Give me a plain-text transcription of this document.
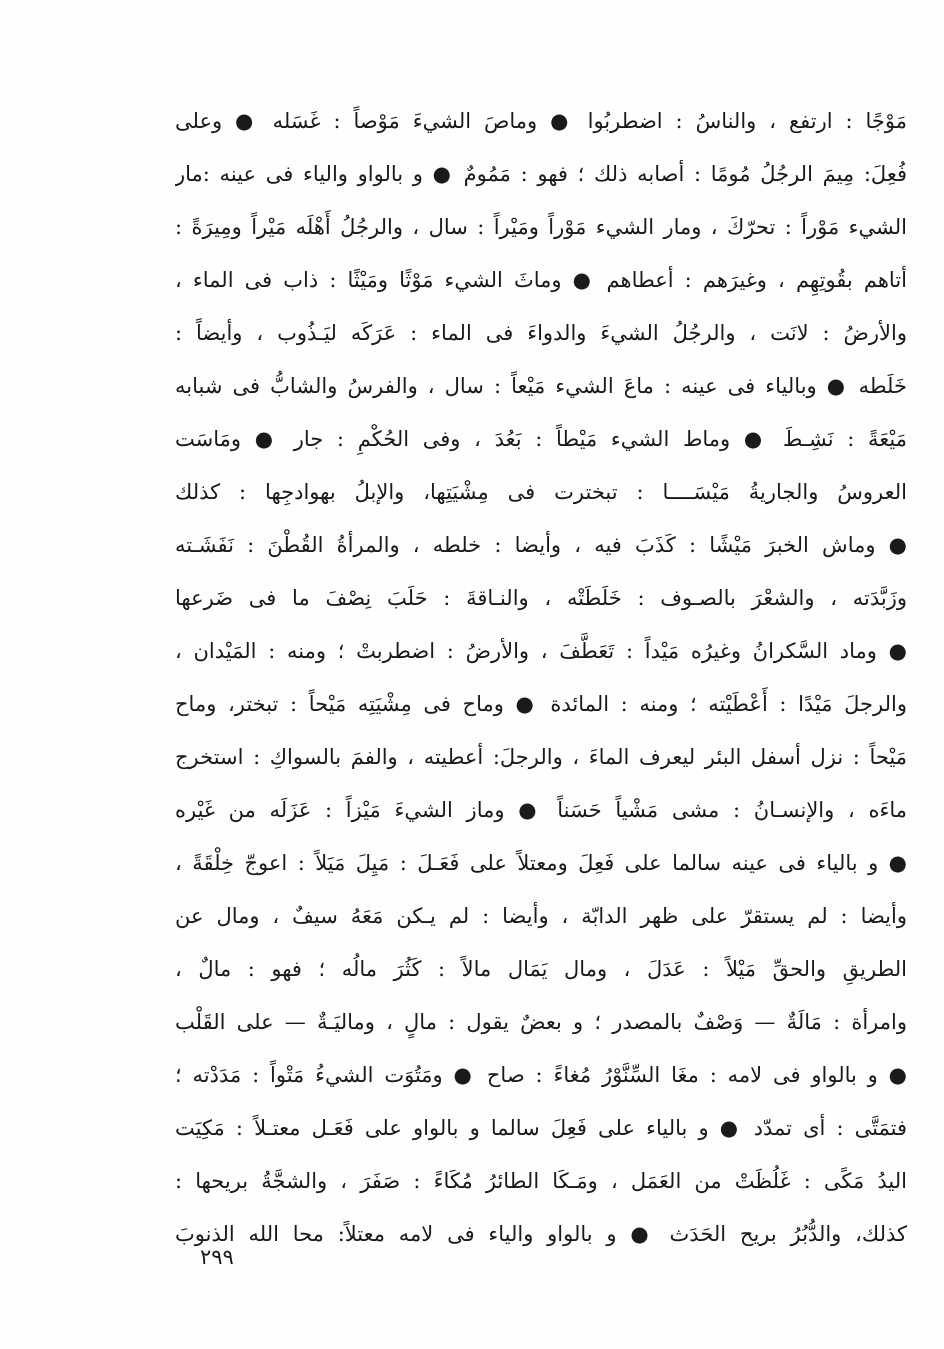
مَوْجًا : ارتفع ، والناسُ : اضطربُوا ● وماصَ الشيءَ مَوْصاً : غَسَله ● وعلى
فُعِلَ: مِيمَ الرجُلُ مُومًا : أصابه ذلك ؛ فهو : مَمُومٌ ● و بالواو والياء فى عينه :مار
الشيء مَوْراً : تحرّكَ ، ومار الشيء مَوْراً ومَيْراً : سال ، والرجُلُ أَهْلَه مَيْراً ومِيرَةً :
أتاهم بقُوتِهِم ، وغيرَهم : أعطاهم ● وماثَ الشيء مَوْثًا ومَيْثًا : ذاب فى الماء ،
والأرضُ : لانَت ، والرجُلُ الشيءَ والدواءَ فى الماء : عَرَكَه ليَـذُوب ، وأيضاً :
خَلَطه ● وبالياء فى عينه : ماعَ الشيء مَيْعاً : سال ، والفرسُ والشابُّ فى شبابه
مَيْعَةً : نَشِـطَ ● وماط الشيء مَيْطاً : بَعُدَ ، وفى الحُكْمِ : جار ● ومَاسَت
العروسُ والجاريةُ مَيْسَــــا : تبخترت فى مِشْيَتِها، والإبلُ بهوادجِها : كذلك
● وماش الخبرَ مَيْشًا : كَذَبَ فيه ، وأيضا : خلطه ، والمرأةُ القُطْنَ : نَفَشَـته
وزَبَّدَته ، والشعْرَ بالصـوف : خَلَطَتْه ، والنـاقةَ : حَلَبَ نِصْفَ ما فى ضَرعها
● وماد السَّكرانُ وغيرُه مَيْداً : تَعَطَّفَ ، والأرضُ : اضطربتْ ؛ ومنه : المَيْدان ،
والرجلَ مَيْدًا : أَعْطَيْته ؛ ومنه : المائدة ● وماح فى مِشْيَتِه مَيْحاً : تبختر، وماح
مَيْحاً : نزل أسفل البئر ليعرف الماءَ ، والرجلَ: أعطيته ، والفمَ بالسواكِ : استخرج
ماءَه ، والإنسـانُ : مشى مَشْياً حَسَناً ● وماز الشيءَ مَيْزاً : عَزَلَه من غَيْره
● و بالياء فى عينه سالما على فَعِلَ ومعتلاً على فَعَـلَ : مَيِلَ مَيَلاً : اعوجّ خِلْقَةً ،
وأيضا : لم يستقرّ على ظهر الدابّة ، وأيضا : لم يـكن مَعَهُ سيفٌ ، ومال عن
الطريقِ والحقِّ مَيْلاً : عَدَلَ ، ومال يَمَال مالاً : كَثُرَ مالُه ؛ فهو : مالٌ ،
وامرأة : مَالَةٌ — وَصْفٌ بالمصدر ؛ و بعضٌ يقول : مالٍ ، وماليَـةٌ — على القَلْب
● و بالواو فى لامه : مغَا السِّنَّوْرُ مُغاءً : صاح ● ومَتُوَت الشيءُ مَتْواً : مَدَدْته ؛
فتمَتَّى : أى تمدّد ● و بالياء على فَعِلَ سالما و بالواو على فَعَـل معتـلاً : مَكِيَت
اليدُ مَكًى : غَلُظَتْ من العَمَل ، ومَـكَا الطائرُ مُكَاءً : صَفَرَ ، والشجَّةُ بريحها :
كذلك، والدُّبُرُ بريح الحَدَث ● و بالواو والياء فى لامه معتلاً: محا الله الذنوبَ
٢٩٩
